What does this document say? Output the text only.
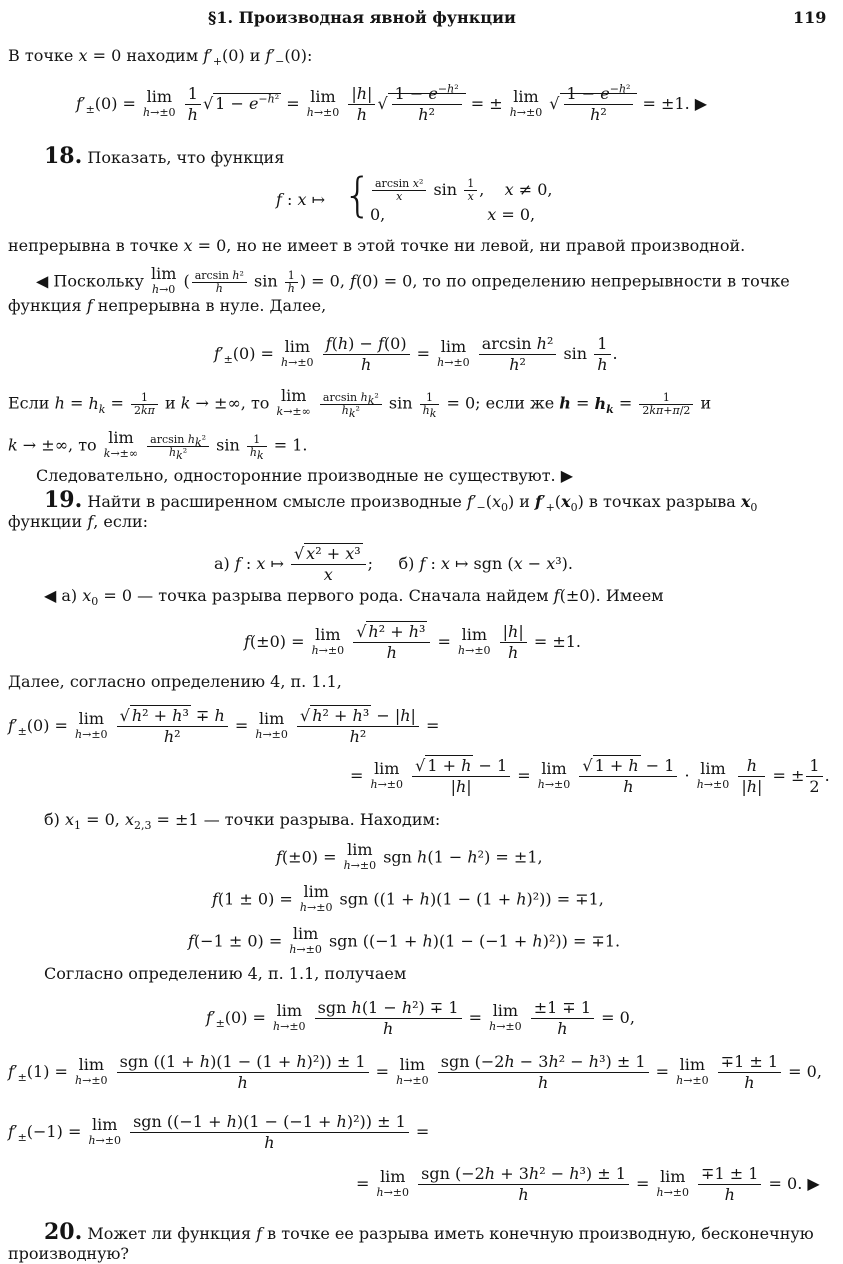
§1. Производная явной функции	119
В точке x = 0 находим $f'_+(0)$ и $f'_-(0)$:
$f'_\pm(0) = \lim$
h→±0
$\frac{1}{h}$ √ $1 - e^{-h^2} = \lim$
h→±0
$\frac{|h|}{h}$ √ $\frac{1 - e^{-h^2}}{\text{h²}}$ = ± lim
h→±0 √ $\frac{1 - e^{-h^2}}{\text{h²}} = \pm 1$. ▶
18. Показать, что функция
f : x ↦ { $\frac{\text{arcsin x²}}{x}$ $\sin \frac{1}{x}$ ,    x ≠ 0,
0,	x = 0,
непрерывна в точке x = 0, но не имеет в этой точке ни левой, ни правой производной.
◀ Поскольку lim
h→0 ( $\frac{\text{arcsin h²}}{h}$ $\sin \frac{1}{h}$ ) = 0, f(0) = 0, то по определению непрерывности в точке
функция f непрерывна в нуле. Далее,
$f'_\pm(0) = \lim$
h→±0
$\frac{f(h) - f(0)}{h} = \lim$
h→±0
$\frac{\text{arcsin h²}}{\text{h²}}$ $\sin \frac{1}{h}$ .
Если $h = h_k = \frac{1}{2k\pi}$ и k → ±∞, то lim
k→±∞
$\frac{\arcsin h_k^2}{h_k^2}$ $\sin \frac{1}{h_k} = 0$; если же $h = h_k = \frac{1}{2k\pi+\pi/2}$ и
k → ±∞, то lim
k→±∞
$\frac{\arcsin h_k^2}{h_k^2}$ $\sin \frac{1}{h_k} = 1$.
Следовательно, односторонние производные не существуют. ▶
19. Найти в расширенном смысле производные $f'_-(x_0)$ и $f'_+(x_0)$ в точках разрыва $x_0$
функции f, если:
а) f : x ↦ $\frac{\text{√ x² + x³}}{x}$ ;     б) f : x ↦ sgn (x − x³).
◀ а) $x_0 = 0$ — точка разрыва первого рода. Сначала найдем f(±0). Имеем
f(±0) = lim
h→±0
$\frac{\text{√ h² + h³}}{h} = \lim$
h→±0
$\frac{|h|}{h} = \pm 1$.
Далее, согласно определению 4, п. 1.1,
$f'_\pm(0) = \lim$
h→±0
$\frac{\text{√ h² + h³ ∓ h}}{\text{h²}} = \lim$
h→±0
$\frac{\text{√ h² + h³ − |h|}}{\text{h²}}$ =
= lim
h→±0
$\frac{√ 1 + h - 1}{|h|} = \lim$
h→±0
$\frac{√ 1 + h - 1}{h} \cdot \lim$
h→±0
$\frac{h}{|h|}$ = ± $\frac{1}{2}$ .
б) $x_1 = 0$, $x_{2,3} = \pm 1$ — точки разрыва. Находим:
f(±0) = lim
h→±0 sgn h(1 − h²) = ±1,
f(1 ± 0) = lim
h→±0 sgn ((1 + h)(1 − (1 + h)²)) = ∓1,
f(−1 ± 0) = lim
h→±0 sgn ((−1 + h)(1 − (−1 + h)²)) = ∓1.
Согласно определению 4, п. 1.1, получаем
$f'_\pm(0) = \lim$
h→±0
$\frac{\text{sgn h(1 − h²) ∓ 1}}{h} = \lim$
h→±0
$\frac{\pm 1 \mp 1}{h} = 0$,
$f'_\pm(1) = \lim$
h→±0
$\frac{\text{sgn ((1 + h)(1 − (1 + h)²)) ± 1}}{h} = \lim$
h→±0
$\frac{\text{sgn (−2h − 3h² − h³) ± 1}}{h} = \lim$
h→±0
$\frac{\mp 1 \pm 1}{h} = 0$,
$f'_\pm(-1) = \lim$
h→±0
$\frac{\text{sgn ((−1 + h)(1 − (−1 + h)²)) ± 1}}{h}$ =
= lim
h→±0
$\frac{\text{sgn (−2h + 3h² − h³) ± 1}}{h} = \lim$
h→±0
$\frac{\mp 1 \pm 1}{h} = 0$. ▶
20. Может ли функция f в точке ее разрыва иметь конечную производную, бесконечную
производную?
